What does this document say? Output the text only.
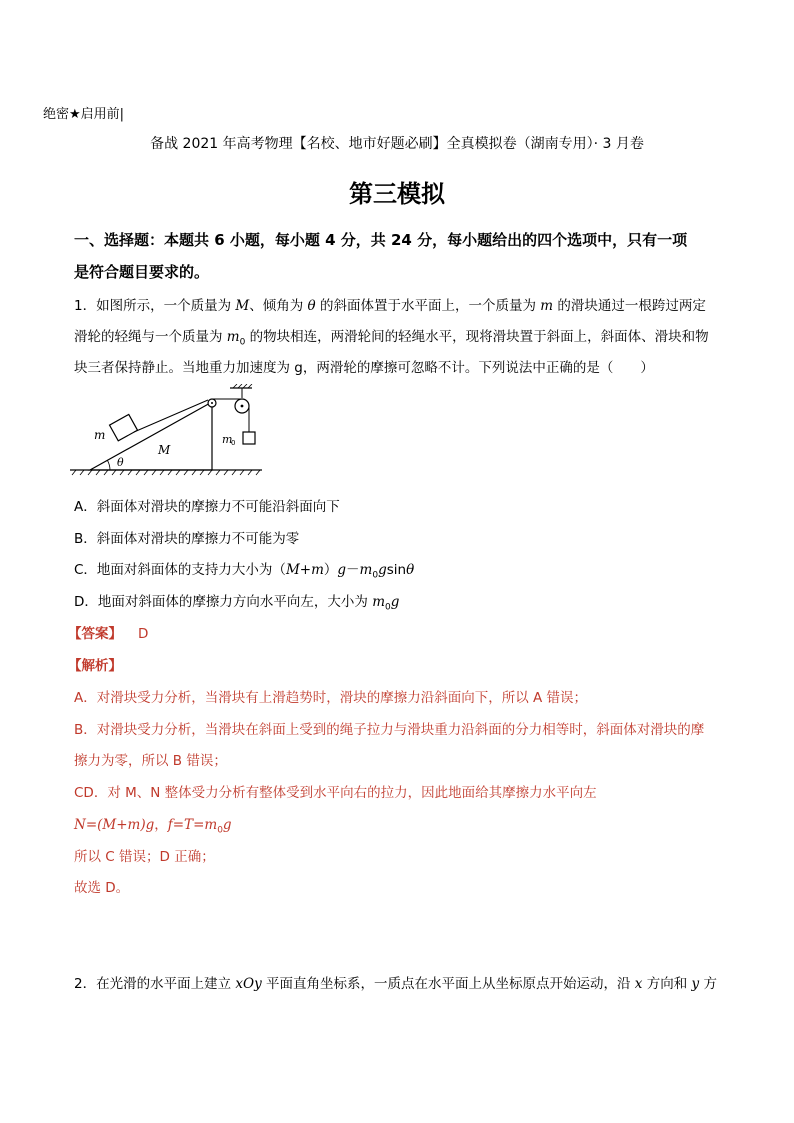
绝密★启用前|
备战 2021 年高考物理【名校、地市好题必刷】全真模拟卷（湖南专用）· 3 月卷
第三模拟
一、选择题：本题共 6 小题，每小题 4 分，共 24 分，每小题给出的四个选项中，只有一项
是符合题目要求的。
1．如图所示，一个质量为 M、倾角为 θ 的斜面体置于水平面上，一个质量为 m 的滑块通过一根跨过两定
滑轮的轻绳与一个质量为 $m_0$ 的物块相连，两滑轮间的轻绳水平，现将滑块置于斜面上，斜面体、滑块和物
块三者保持静止。当地重力加速度为 g，两滑轮的摩擦可忽略不计。下列说法中正确的是（　　）
m
M
θ
m
0
A．斜面体对滑块的摩擦力不可能沿斜面向下
B．斜面体对滑块的摩擦力不可能为零
C．地面对斜面体的支持力大小为$(M+m)g-m_0gsin\theta$
D．地面对斜面体的摩擦力方向水平向左，大小为 $m_0g$
【答案】 D
【解析】
A．对滑块受力分析，当滑块有上滑趋势时，滑块的摩擦力沿斜面向下，所以 A 错误；
B．对滑块受力分析，当滑块在斜面上受到的绳子拉力与滑块重力沿斜面的分力相等时，斜面体对滑块的摩
擦力为零，所以 B 错误；
CD．对 M、N 整体受力分析有整体受到水平向右的拉力，因此地面给其摩擦力水平向左
N=(M+m)g，$f=T=m_0g$
所以 C 错误；D 正确；
故选 D。
2．在光滑的水平面上建立 xOy 平面直角坐标系，一质点在水平面上从坐标原点开始运动，沿 x 方向和 y 方
